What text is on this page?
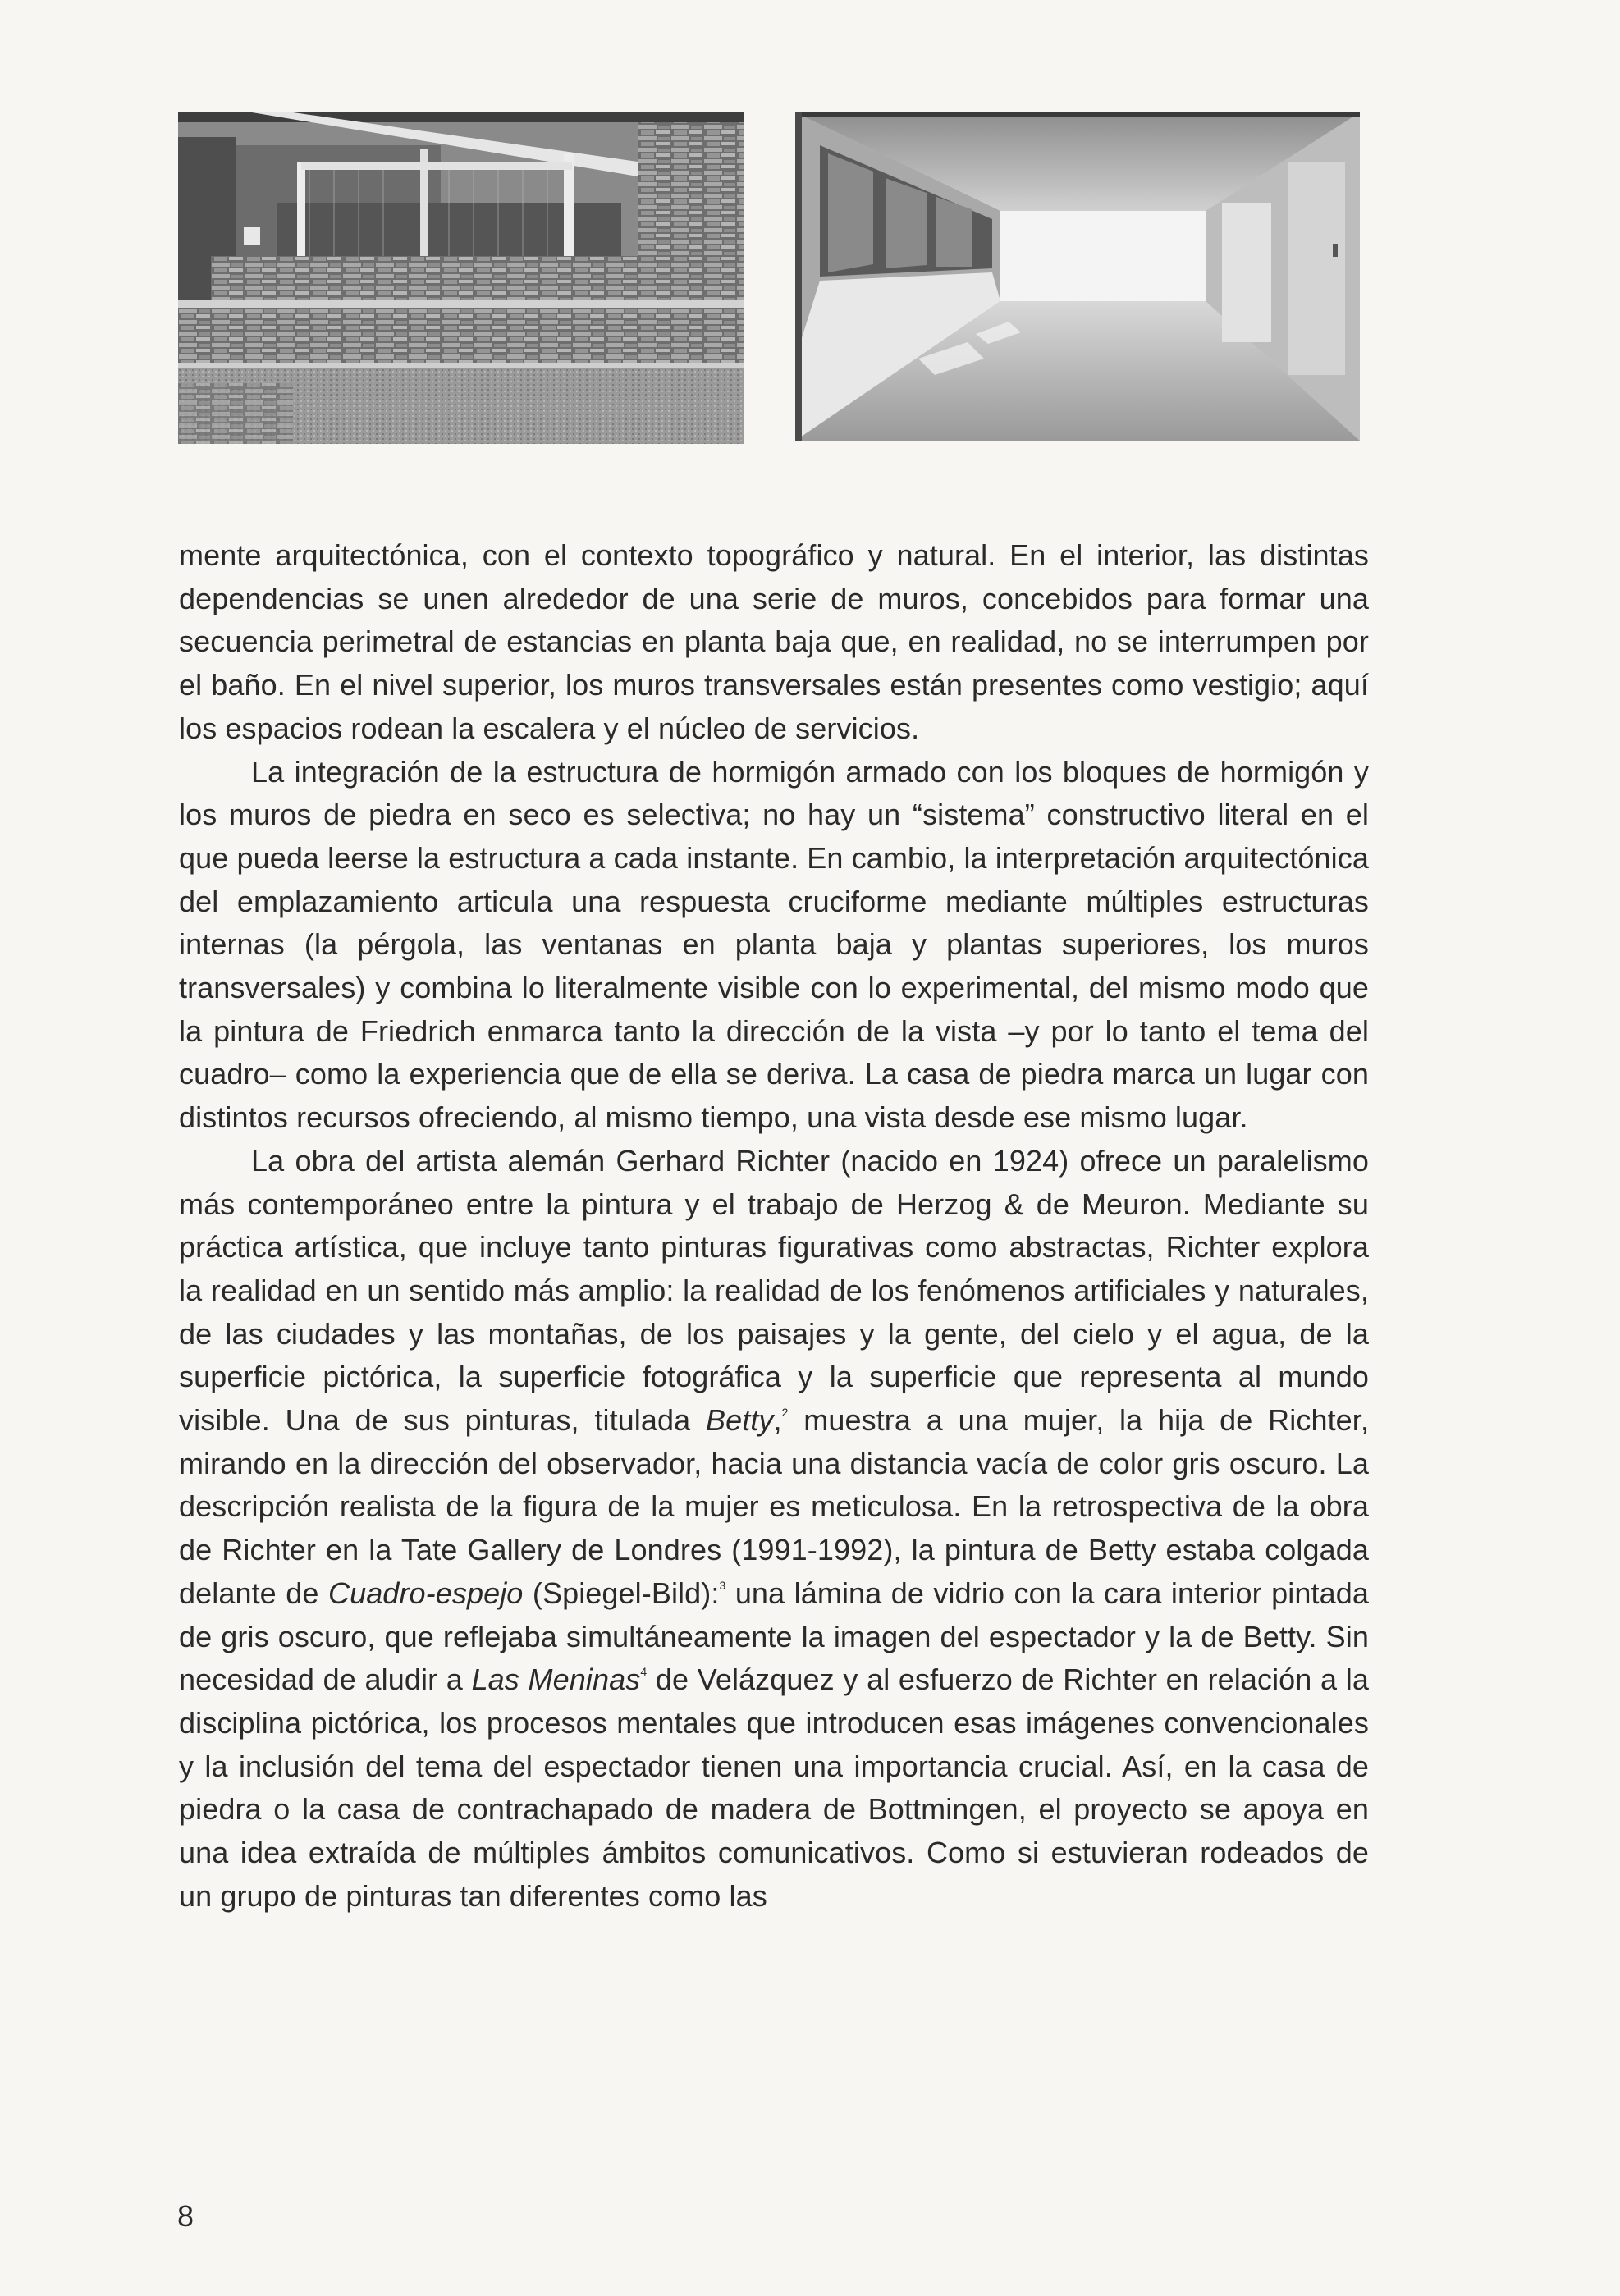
mente arquitectónica, con el contexto topográfico y natural. En el interior, las distintas dependencias se unen alrededor de una serie de muros, concebidos para formar una secuencia perimetral de estancias en planta baja que, en realidad, no se interrumpen por el baño. En el nivel superior, los muros transversales están presentes como vestigio; aquí los espacios rodean la escalera y el núcleo de servicios.

La integración de la estructura de hormigón armado con los bloques de hormigón y los muros de piedra en seco es selectiva; no hay un “sistema” constructivo literal en el que pueda leerse la estructura a cada instante. En cambio, la interpretación arquitectónica del emplazamiento articula una respuesta cruciforme mediante múltiples estructuras internas (la pérgola, las ventanas en planta baja y plantas superiores, los muros transversales) y combina lo literalmente visible con lo experimental, del mismo modo que la pintura de Friedrich enmarca tanto la dirección de la vista –y por lo tanto el tema del cuadro– como la experiencia que de ella se deriva. La casa de piedra marca un lugar con distintos recursos ofreciendo, al mismo tiempo, una vista desde ese mismo lugar.

La obra del artista alemán Gerhard Richter (nacido en 1924) ofrece un paralelismo más contemporáneo entre la pintura y el trabajo de Herzog & de Meuron. Mediante su práctica artística, que incluye tanto pinturas figurativas como abstractas, Richter explora la realidad en un sentido más amplio: la realidad de los fenómenos artificiales y naturales, de las ciudades y las montañas, de los paisajes y la gente, del cielo y el agua, de la superficie pictórica, la superficie fotográfica y la superficie que representa al mundo visible. Una de sus pinturas, titulada Betty,$^2$ muestra a una mujer, la hija de Richter, mirando en la dirección del observador, hacia una distancia vacía de color gris oscuro. La descripción realista de la figura de la mujer es meticulosa. En la retrospectiva de la obra de Richter en la Tate Gallery de Londres (1991-1992), la pintura de Betty estaba colgada delante de Cuadro-espejo (Spiegel-Bild):$^3$ una lámina de vidrio con la cara interior pintada de gris oscuro, que reflejaba simultáneamente la imagen del espectador y la de Betty. Sin necesidad de aludir a Las Meninas$^4$ de Velázquez y al esfuerzo de Richter en relación a la disciplina pictórica, los procesos mentales que introducen esas imágenes convencionales y la inclusión del tema del espectador tienen una importancia crucial. Así, en la casa de piedra o la casa de contrachapado de madera de Bottmingen, el proyecto se apoya en una idea extraída de múltiples ámbitos comunicativos. Como si estuvieran rodeados de un grupo de pinturas tan diferentes como las

8
